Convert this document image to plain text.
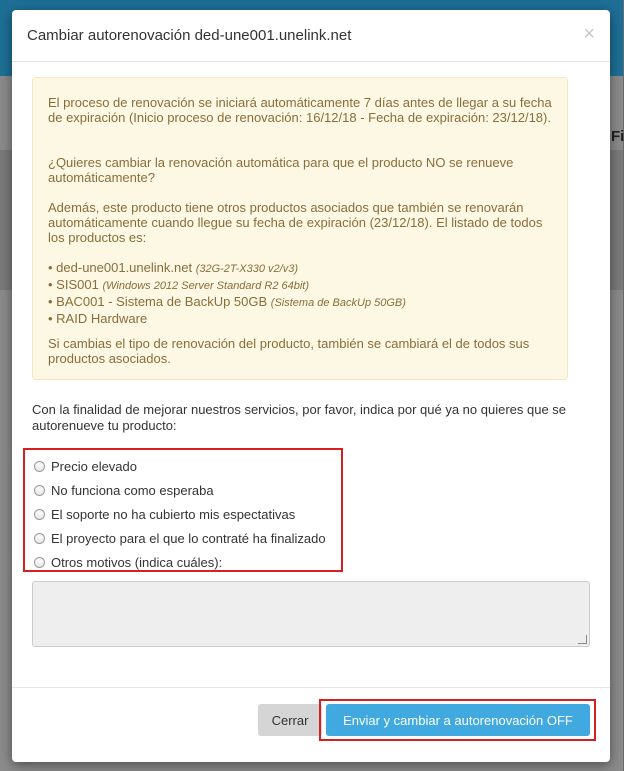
Fi
Cambiar autorenovación ded-une001.unelink.net	×

El proceso de renovación se iniciará automáticamente 7 días antes de llegar a su fecha de expiración (Inicio proceso de renovación: 16/12/18 - Fecha de expiración: 23/12/18).

¿Quieres cambiar la renovación automática para que el producto NO se renueve automáticamente?

Además, este producto tiene otros productos asociados que también se renovarán automáticamente cuando llegue su fecha de expiración (23/12/18). El listado de todos los productos es:

• ded-une001.unelink.net (32G-2T-X330 v2/v3)
• SIS001 (Windows 2012 Server Standard R2 64bit)
• BAC001 - Sistema de BackUp 50GB (Sistema de BackUp 50GB)
• RAID Hardware

Si cambias el tipo de renovación del producto, también se cambiará el de todos sus productos asociados.

Con la finalidad de mejorar nuestros servicios, por favor, indica por qué ya no quieres que se autorenueve tu producto:
Precio elevado
No funciona como esperaba
El soporte no ha cubierto mis espectativas
El proyecto para el que lo contraté ha finalizado
Otros motivos (indica cuáles):
Cerrar	Enviar y cambiar a autorenovación OFF
